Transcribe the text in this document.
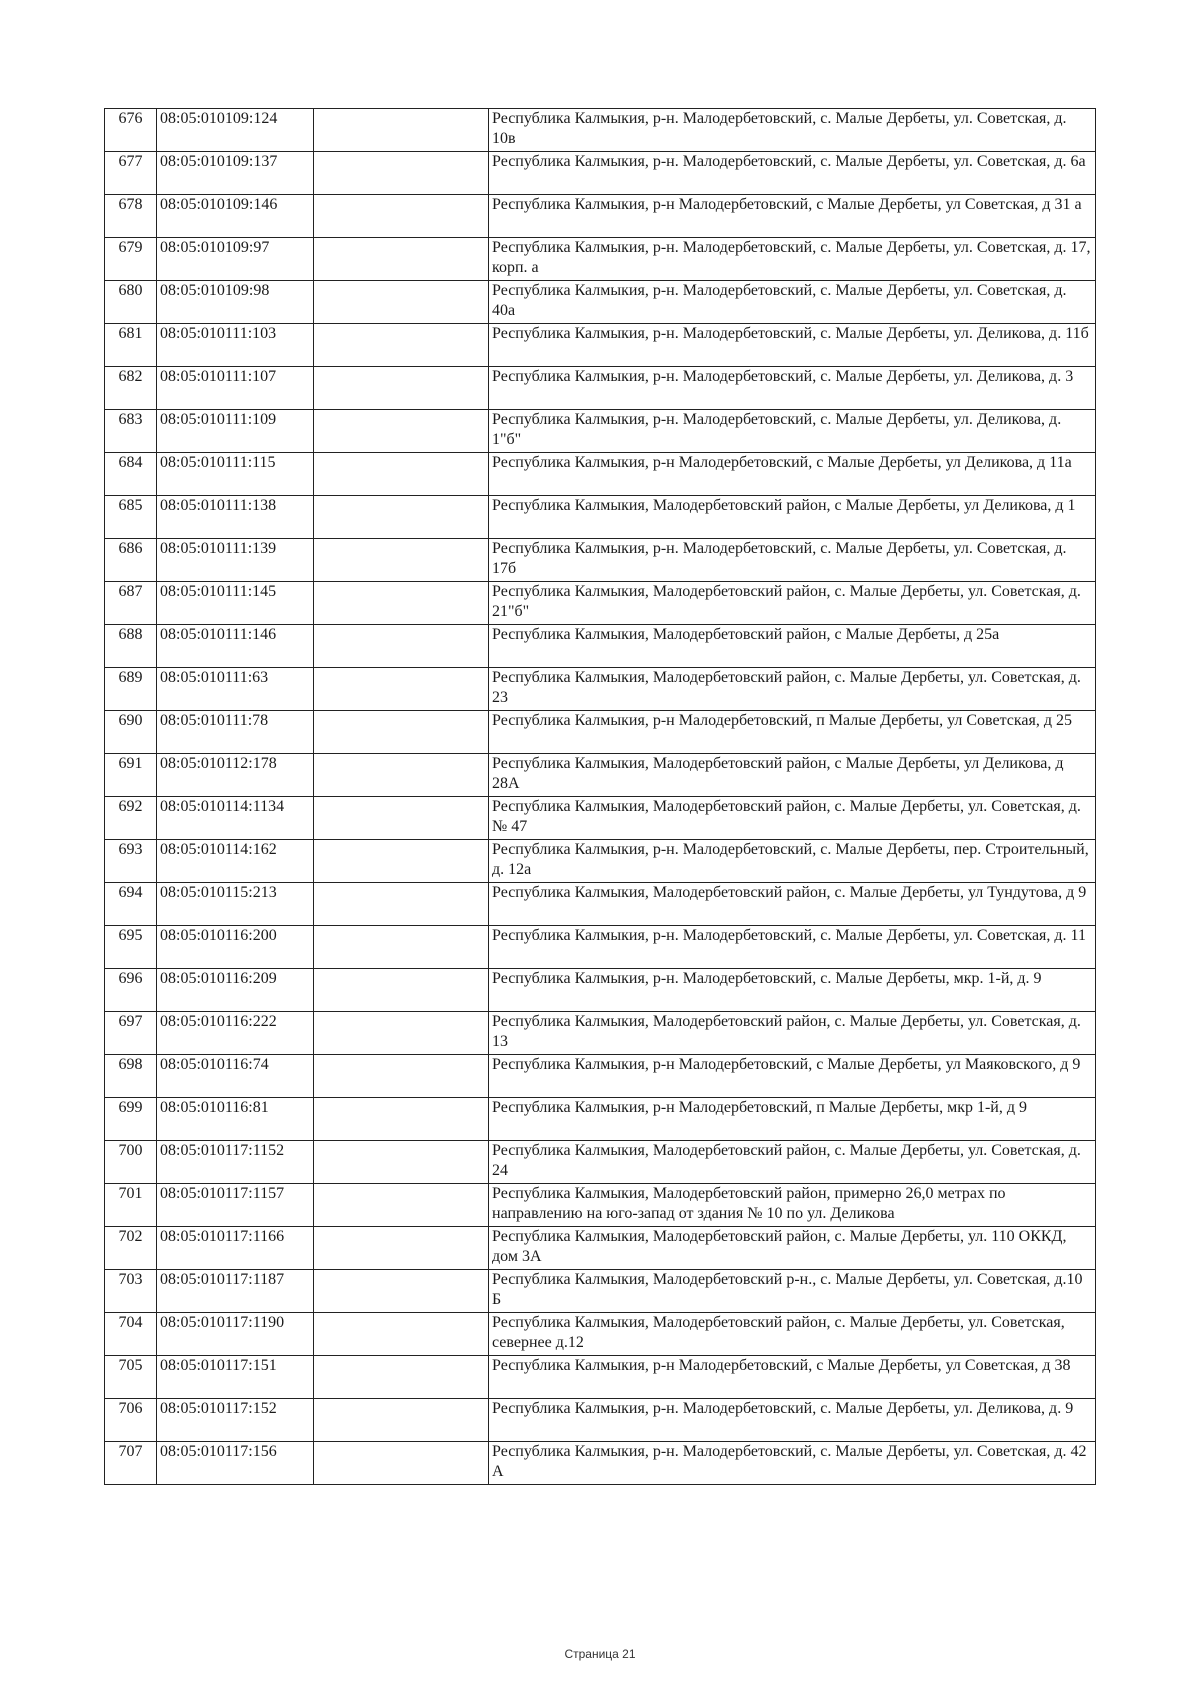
676	08:05:010109:124		Республика Калмыкия, р-н. Малодербетовский, с. Малые Дербеты, ул. Советская, д. 10в
677	08:05:010109:137		Республика Калмыкия, р-н. Малодербетовский, с. Малые Дербеты, ул. Советская, д. 6а
678	08:05:010109:146		Республика Калмыкия, р-н Малодербетовский, с Малые Дербеты, ул Советская, д 31 а
679	08:05:010109:97		Республика Калмыкия, р-н. Малодербетовский, с. Малые Дербеты, ул. Советская, д. 17, корп. а
680	08:05:010109:98		Республика Калмыкия, р-н. Малодербетовский, с. Малые Дербеты, ул. Советская, д. 40а
681	08:05:010111:103		Республика Калмыкия, р-н. Малодербетовский, с. Малые Дербеты, ул. Деликова, д. 11б
682	08:05:010111:107		Республика Калмыкия, р-н. Малодербетовский, с. Малые Дербеты, ул. Деликова, д. 3
683	08:05:010111:109		Республика Калмыкия, р-н. Малодербетовский, с. Малые Дербеты, ул. Деликова, д. 1"б"
684	08:05:010111:115		Республика Калмыкия, р-н Малодербетовский, с Малые Дербеты, ул Деликова, д 11а
685	08:05:010111:138		Республика Калмыкия, Малодербетовский район, с Малые Дербеты, ул Деликова, д 1
686	08:05:010111:139		Республика Калмыкия, р-н. Малодербетовский, с. Малые Дербеты, ул. Советская, д. 17б
687	08:05:010111:145		Республика Калмыкия, Малодербетовский район, с. Малые Дербеты, ул. Советская, д. 21"б"
688	08:05:010111:146		Республика Калмыкия, Малодербетовский район, с Малые Дербеты, д 25а
689	08:05:010111:63		Республика Калмыкия, Малодербетовский район, с. Малые Дербеты, ул. Советская, д. 23
690	08:05:010111:78		Республика Калмыкия, р-н Малодербетовский, п Малые Дербеты, ул Советская, д 25
691	08:05:010112:178		Республика Калмыкия, Малодербетовский район, с Малые Дербеты, ул Деликова, д 28А
692	08:05:010114:1134		Республика Калмыкия, Малодербетовский район, с. Малые Дербеты, ул. Советская, д. № 47
693	08:05:010114:162		Республика Калмыкия, р-н. Малодербетовский, с. Малые Дербеты, пер. Строительный, д. 12а
694	08:05:010115:213		Республика Калмыкия, Малодербетовский район, с. Малые Дербеты, ул Тундутова, д 9
695	08:05:010116:200		Республика Калмыкия, р-н. Малодербетовский, с. Малые Дербеты, ул. Советская, д. 11
696	08:05:010116:209		Республика Калмыкия, р-н. Малодербетовский, с. Малые Дербеты, мкр. 1-й, д. 9
697	08:05:010116:222		Республика Калмыкия, Малодербетовский район, с. Малые Дербеты, ул. Советская, д. 13
698	08:05:010116:74		Республика Калмыкия, р-н Малодербетовский, с Малые Дербеты, ул Маяковского, д 9
699	08:05:010116:81		Республика Калмыкия, р-н Малодербетовский, п Малые Дербеты, мкр 1-й, д 9
700	08:05:010117:1152		Республика Калмыкия, Малодербетовский район, с. Малые Дербеты, ул. Советская, д. 24
701	08:05:010117:1157		Республика Калмыкия, Малодербетовский район, примерно 26,0 метрах по направлению на юго-запад от здания № 10 по ул. Деликова
702	08:05:010117:1166		Республика Калмыкия, Малодербетовский район, с. Малые Дербеты, ул. 110 ОККД, дом 3А
703	08:05:010117:1187		Республика Калмыкия, Малодербетовский р-н., с. Малые Дербеты, ул. Советская, д.10 Б
704	08:05:010117:1190		Республика Калмыкия, Малодербетовский район, с. Малые Дербеты, ул. Советская, севернее д.12
705	08:05:010117:151		Республика Калмыкия, р-н Малодербетовский, с Малые Дербеты, ул Советская, д 38
706	08:05:010117:152		Республика Калмыкия, р-н. Малодербетовский, с. Малые Дербеты, ул. Деликова, д. 9
707	08:05:010117:156		Республика Калмыкия, р-н. Малодербетовский, с. Малые Дербеты, ул. Советская, д. 42 А
Страница 21
